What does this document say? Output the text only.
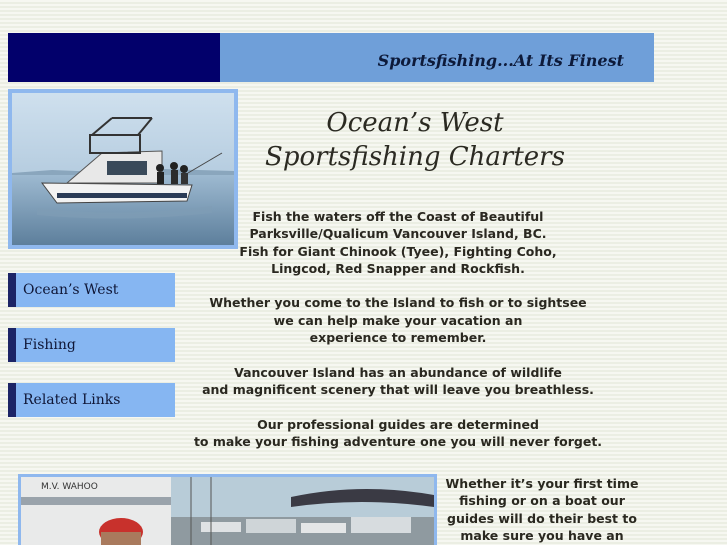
Sportsfishing...At Its Finest
Ocean’s West
Sportsfishing Charters

Fish the waters off the Coast of Beautiful

Parksville/Qualicum Vancouver Island, BC.

Fish for Giant Chinook (Tyee), Fighting Coho,

Lingcod, Red Snapper and Rockfish.

Whether you come to the Island to fish or to sightsee

we can help make your vacation an

experience to remember.

Vancouver Island has an abundance of wildlife

and magnificent scenery that will leave you breathless.

Our professional guides are determined

to make your fishing adventure one you will never forget.

Ocean’s West
Fishing
Related Links
M.V. WAHOO	Whether it’s your first time

fishing or on a boat our

guides will do their best to

make sure you have an
